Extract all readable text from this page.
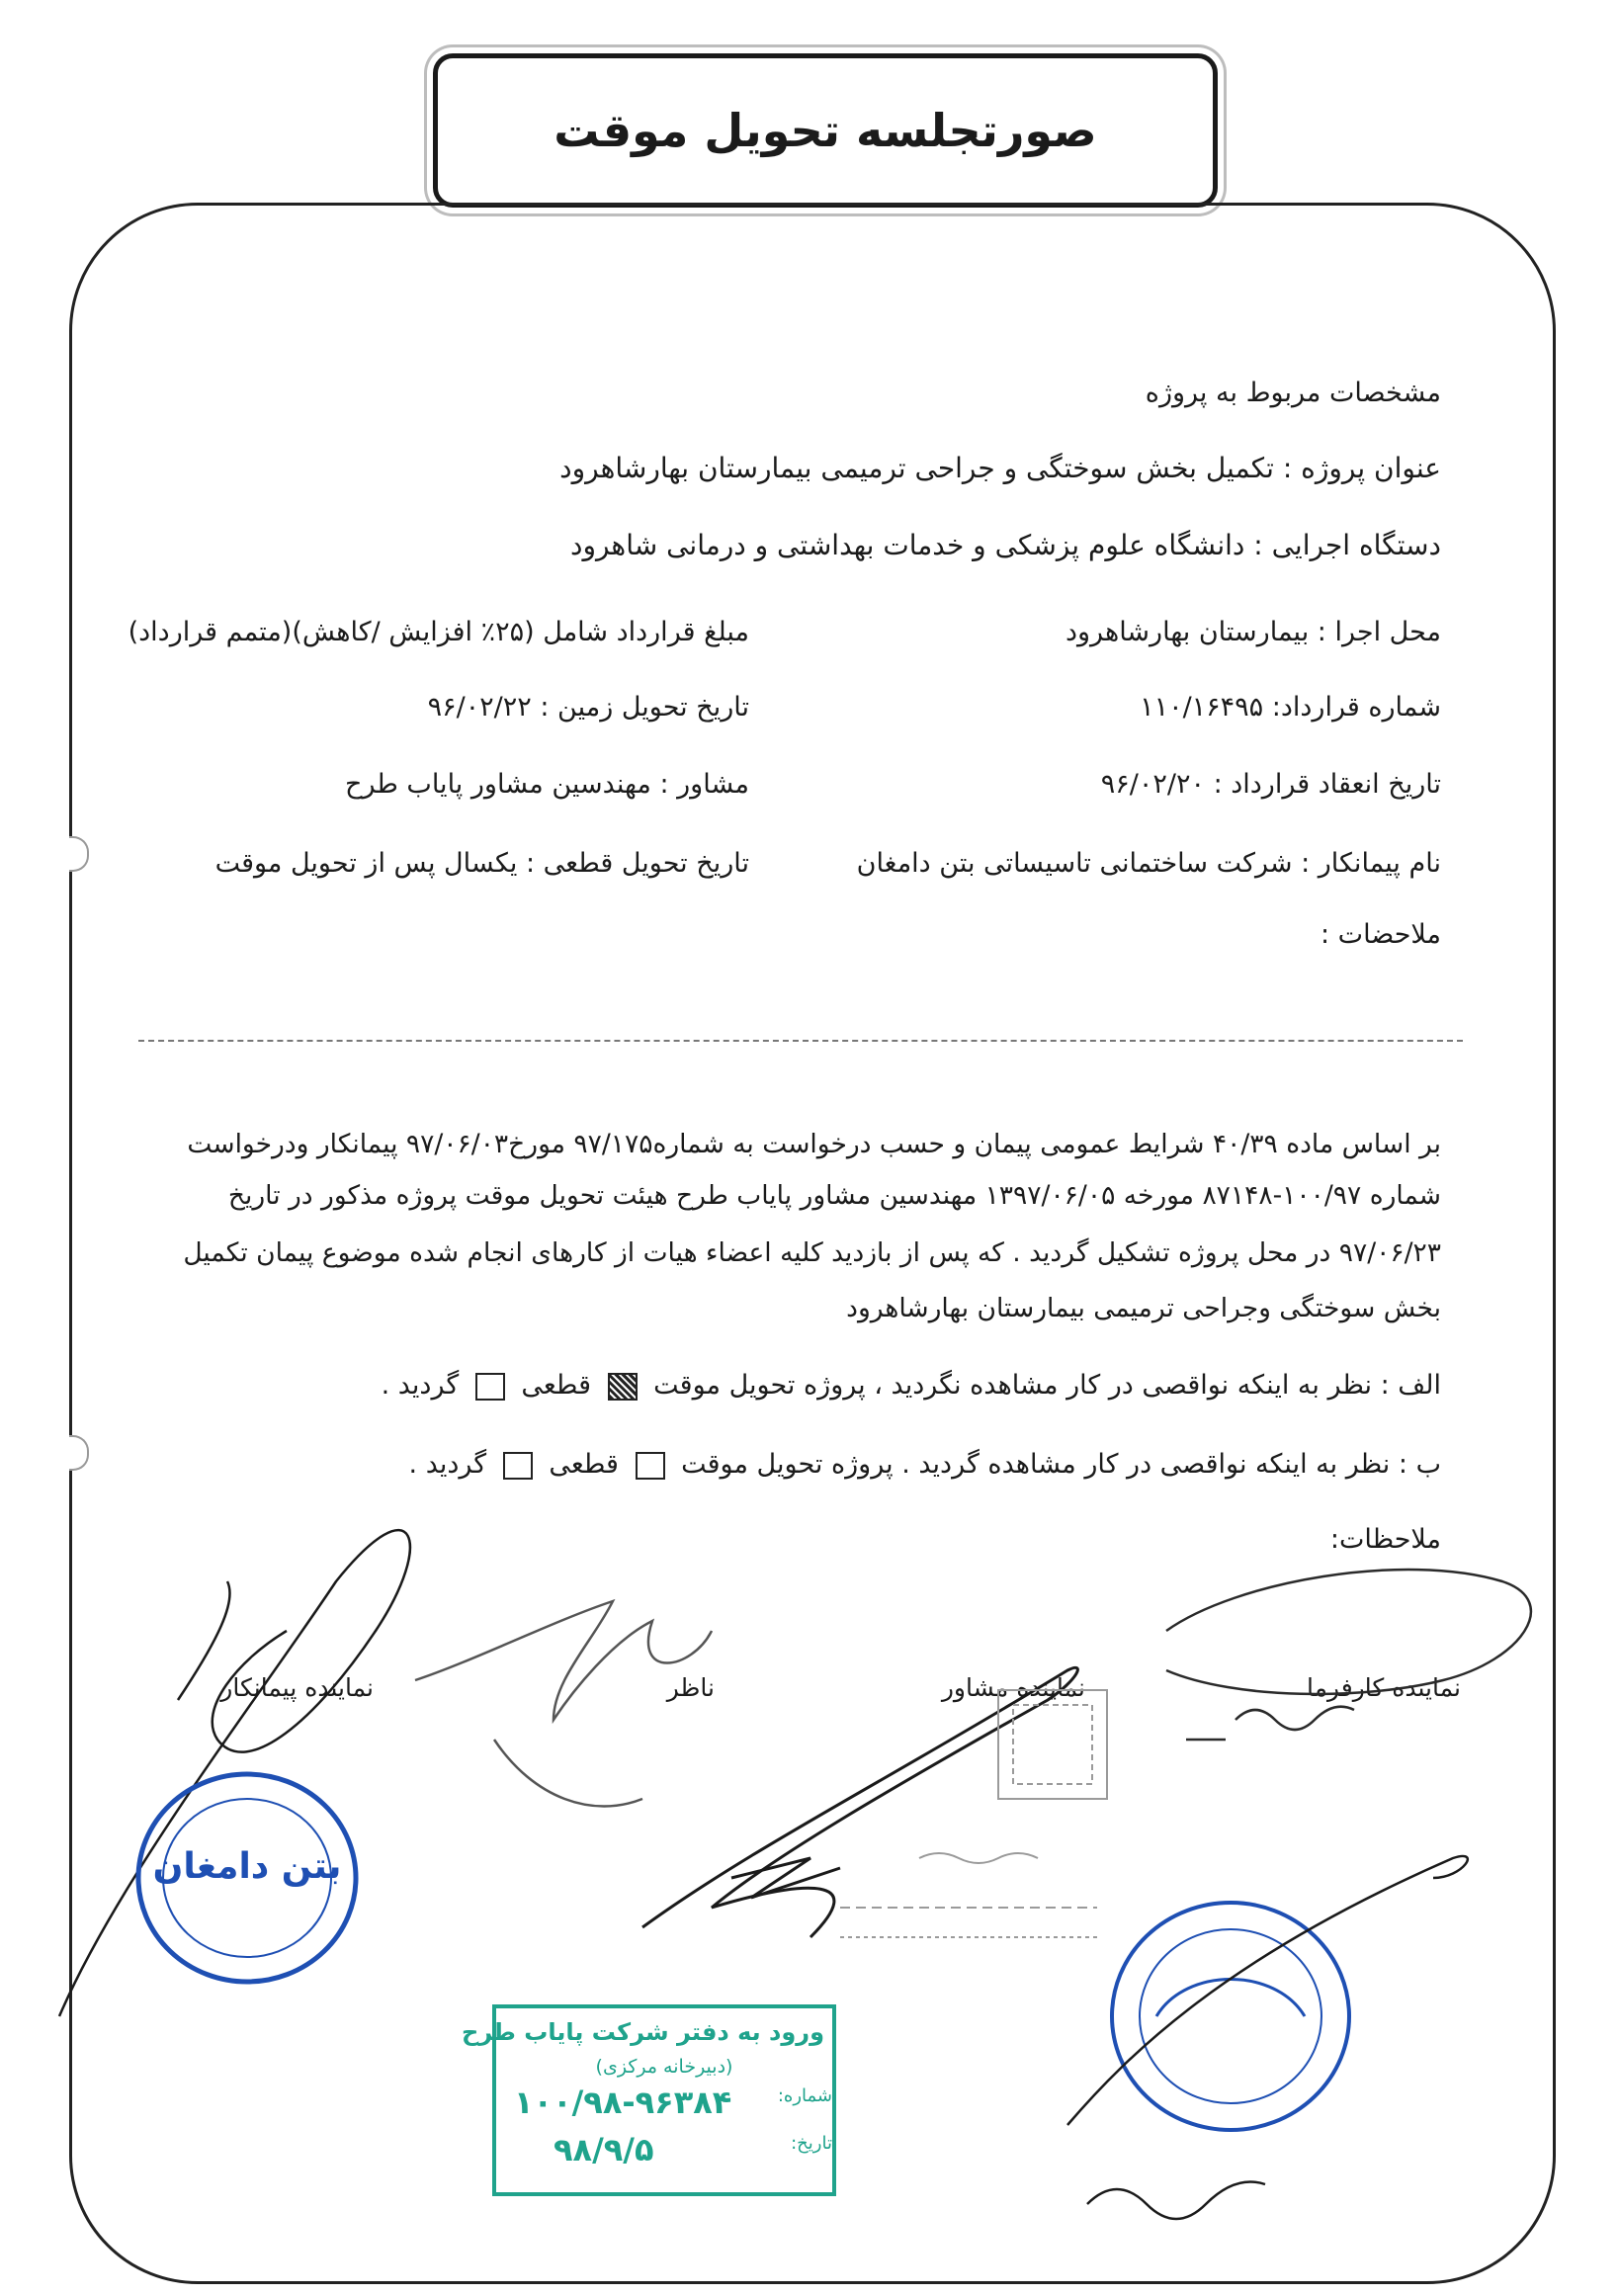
صورتجلسه تحویل موقت
مشخصات مربوط به پروژه
عنوان پروژه : تکمیل بخش سوختگی و جراحی ترمیمی بیمارستان بهارشاهرود
دستگاه اجرایی : دانشگاه علوم پزشکی و خدمات بهداشتی و درمانی شاهرود
محل اجرا : بیمارستان بهارشاهرود
مبلغ قرارداد شامل (۲۵٪ افزایش /کاهش)(متمم قرارداد)
شماره قرارداد: ۱۱۰/۱۶۴۹۵
تاریخ تحویل زمین : ۹۶/۰۲/۲۲
تاریخ انعقاد قرارداد : ۹۶/۰۲/۲۰
مشاور : مهندسین مشاور پایاب طرح
نام پیمانکار : شرکت ساختمانی تاسیساتی بتن دامغان
تاریخ تحویل قطعی : یکسال پس از تحویل موقت
ملاحضات :
بر اساس ماده ۴۰/۳۹ شرایط عمومی پیمان و حسب درخواست به شماره۹۷/۱۷۵ مورخ۹۷/۰۶/۰۳ پیمانکار ودرخواست
شماره ۱۰۰/۹۷-۸۷۱۴۸ مورخه ۱۳۹۷/۰۶/۰۵ مهندسین مشاور پایاب طرح هیئت تحویل موقت پروژه مذکور در تاریخ
۹۷/۰۶/۲۳ در محل پروژه تشکیل گردید . که پس از بازدید کلیه اعضاء هیات از کارهای انجام شده موضوع پیمان تکمیل
بخش سوختگی وجراحی ترمیمی بیمارستان بهارشاهرود
الف : نظر به اینکه نواقصی در کار مشاهده نگردید ، پروژه تحویل موقت  قطعی  گردید .
ب : نظر به اینکه نواقصی در کار مشاهده گردید . پروژه تحویل موقت  قطعی  گردید .
ملاحظات:
نماینده کارفرما
نماینده مشاور
ناظر
نماینده پیمانکار
بتن دامغان
ورود به دفتر شرکت پایاب طرح
(دبیرخانه مرکزی)
شماره:
۱۰۰/۹۸-۹۶۳۸۴
تاریخ:
۹۸/۹/۵
